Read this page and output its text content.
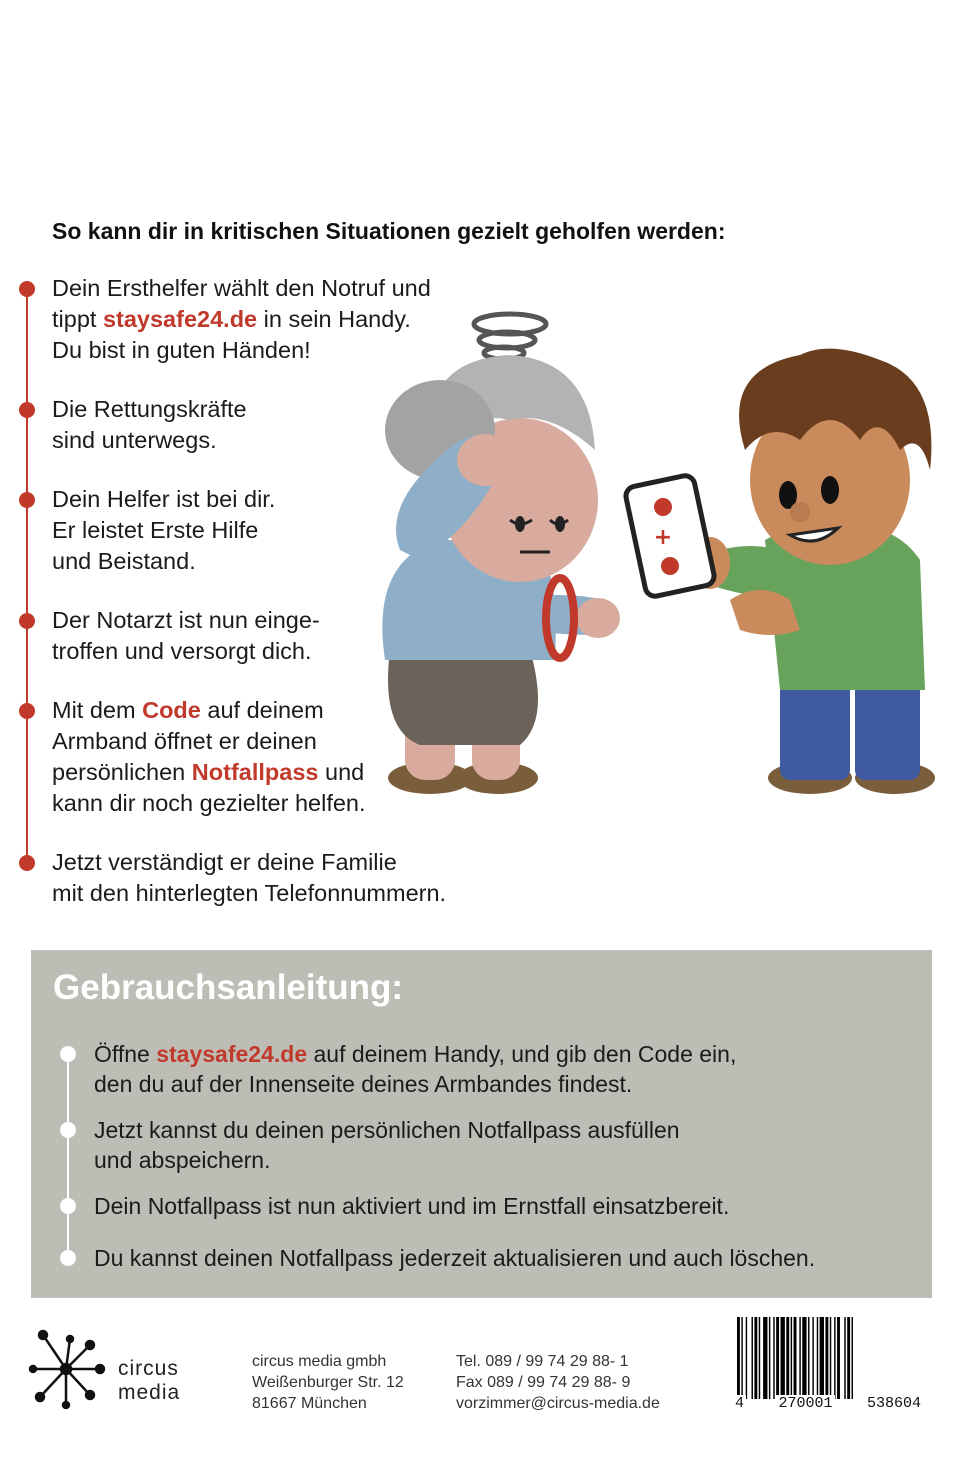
So kann dir in kritischen Situationen gezielt geholfen werden:

Dein Ersthelfer wählt den Notruf und

tippt staysafe24.de in sein Handy.

Du bist in guten Händen!

Die Rettungskräfte

sind unterwegs.

Dein Helfer ist bei dir.

Er leistet Erste Hilfe

und Beistand.

Der Notarzt ist nun einge-

troffen und versorgt dich.

Mit dem Code auf deinem

Armband öffnet er deinen

persönlichen Notfallpass und

kann dir noch gezielter helfen.

Jetzt verständigt er deine Familie

mit den hinterlegten Telefonnummern.

+
Gebrauchsanleitung:

Öffne staysafe24.de auf deinem Handy, und gib den Code ein,

den du auf der Innenseite deines Armbandes findest.

Jetzt kannst du deinen persönlichen Notfallpass ausfüllen

und abspeichern.

Dein Notfallpass ist nun aktiviert und im Ernstfall einsatzbereit.

Du kannst deinen Notfallpass jederzeit aktualisieren und auch löschen.

circus
media
circus media gmbh
Weißenburger Str. 12
81667 München
Tel. 089 / 99 74 29 88- 1
Fax 089 / 99 74 29 88- 9
vorzimmer@circus-media.de	4 270001 538604
